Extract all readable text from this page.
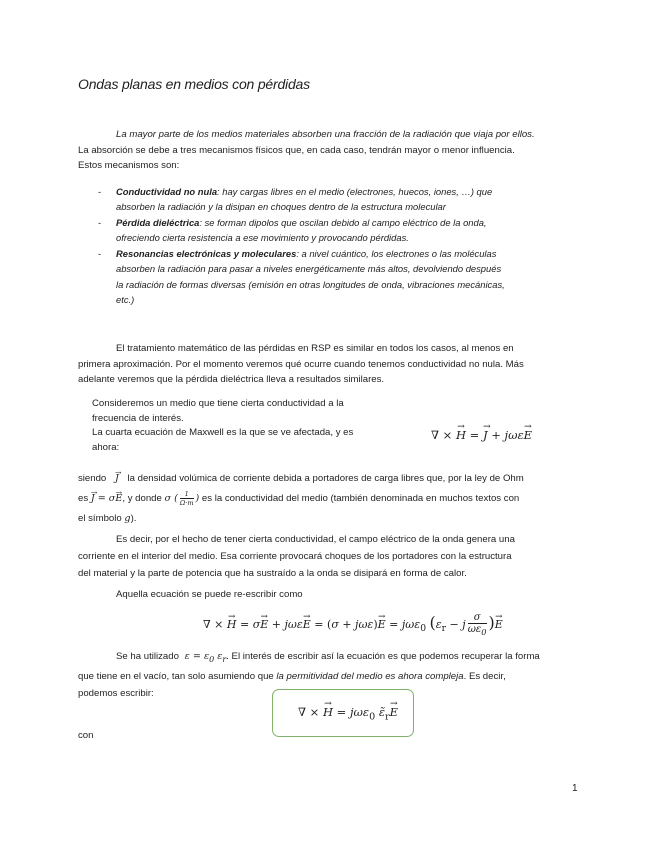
Ondas planas en medios con pérdidas
La mayor parte de los medios materiales absorben una fracción de la radiación que viaja por ellos.
La absorción se debe a tres mecanismos físicos que, en cada caso, tendrán mayor o menor influencia.
Estos mecanismos son:
- Conductividad no nula: hay cargas libres en el medio (electrones, huecos, iones, …) que
absorben la radiación y la disipan en choques dentro de la estructura molecular
- Pérdida dieléctrica: se forman dipolos que oscilan debido al campo eléctrico de la onda,
ofreciendo cierta resistencia a ese movimiento y provocando pérdidas.
- Resonancias electrónicas y moleculares: a nivel cuántico, los electrones o las moléculas
absorben la radiación para pasar a niveles energéticamente más altos, devolviendo después
la radiación de formas diversas (emisión en otras longitudes de onda, vibraciones mecánicas,
etc.)
El tratamiento matemático de las pérdidas en RSP es similar en todos los casos, al menos en
primera aproximación. Por el momento veremos qué ocurre cuando tenemos conductividad no nula. Más
adelante veremos que la pérdida dieléctrica lleva a resultados similares.
Consideremos un medio que tiene cierta conductividad a la
frecuencia de interés.
La cuarta ecuación de Maxwell es la que se ve afectada, y es
ahora:
∇ × → H = → J + jωε→ E
siendo → J la densidad volúmica de corriente debida a portadores de carga libres que, por la ley de Ohm
es → J = σ→ E, y donde σ ( $\frac{1}{\Omega\cdot m}$ ) es la conductividad del medio (también denominada en muchos textos con
el símbolo g).
Es decir, por el hecho de tener cierta conductividad, el campo eléctrico de la onda genera una
corriente en el interior del medio. Esa corriente provocará choques de los portadores con la estructura
del material y la parte de potencia que ha sustraído a la onda se disipará en forma de calor.
Aquella ecuación se puede re-escribir como
∇ × → H = σ→ E + jωε→ E = (σ + jωε)→ E = jωε$_0$ ($\varepsilon_r - j \frac{\sigma}{\omega\varepsilon_0}$ )→ E
Se ha utilizado  $\varepsilon = \varepsilon_0$ $\varepsilon_r$. El interés de escribir así la ecuación es que podemos recuperar la forma
que tiene en el vacío, tan solo asumiendo que la permitividad del medio es ahora compleja. Es decir,
podemos escribir:
∇ × → H = jωε$_0$ $\varepsiloñ_r\to E$
con
1
